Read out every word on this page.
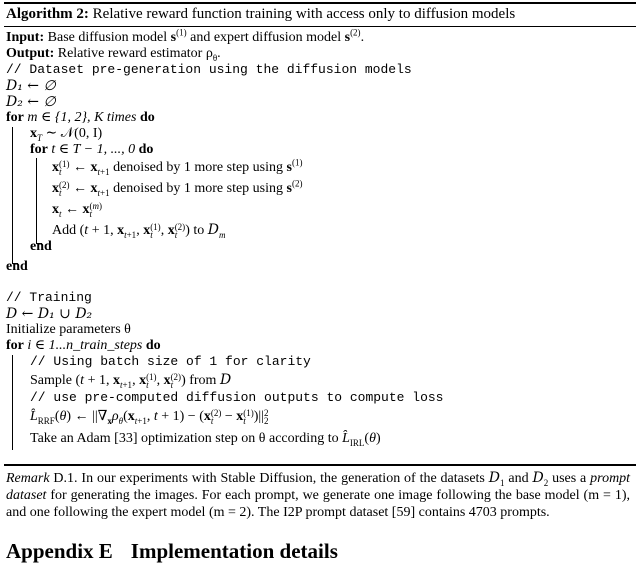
Algorithm 2: Relative reward function training with access only to diffusion models
Input: Base diffusion model $s^{(1)}$ and expert diffusion model $s^{(2)}$.
Output: Relative reward estimator $\rho_\theta$.
// Dataset pre-generation using the diffusion models
D₁ ← ∅
D₂ ← ∅
for m ∈ {1, 2}, K times do
$x_T$ ∼ 𝒩(0, I)
for t ∈ T − 1, ..., 0 do
x (1)
t ← $x_{t+1}$ denoised by 1 more step using $s^{(1)}$
x (2)
t ← $x_{t+1}$ denoised by 1 more step using $s^{(2)}$
$x_t$ ← x (m)
t
Add (t + 1, $x_{t+1}$, x (1)
t , x (2)
t ) to $D_m$
end
end
// Training
D ← D₁ ∪ D₂
Initialize parameters θ
for i ∈ 1...n_train_steps do
// Using batch size of 1 for clarity
Sample (t + 1, $x_{t+1}$, x (1)
t , x (2)
t ) from D
// use pre-computed diffusion outputs to compute loss
$L̂_{RRF}(\theta)$ ← $||\nabla_x\rho_\theta(x_{t+1}$, t + 1) − (x (2)
t − x (1)
t )|| 2
2
Take an Adam [33] optimization step on θ according to $L̂_{IRL}(\theta)$
Remark D.1. In our experiments with Stable Diffusion, the generation of the datasets $D_1$ and $D_2$ uses a prompt dataset for generating the images. For each prompt, we generate one image following the base model (m = 1), and one following the expert model (m = 2). The I2P prompt dataset [59] contains 4703 prompts.
Appendix E Implementation details
